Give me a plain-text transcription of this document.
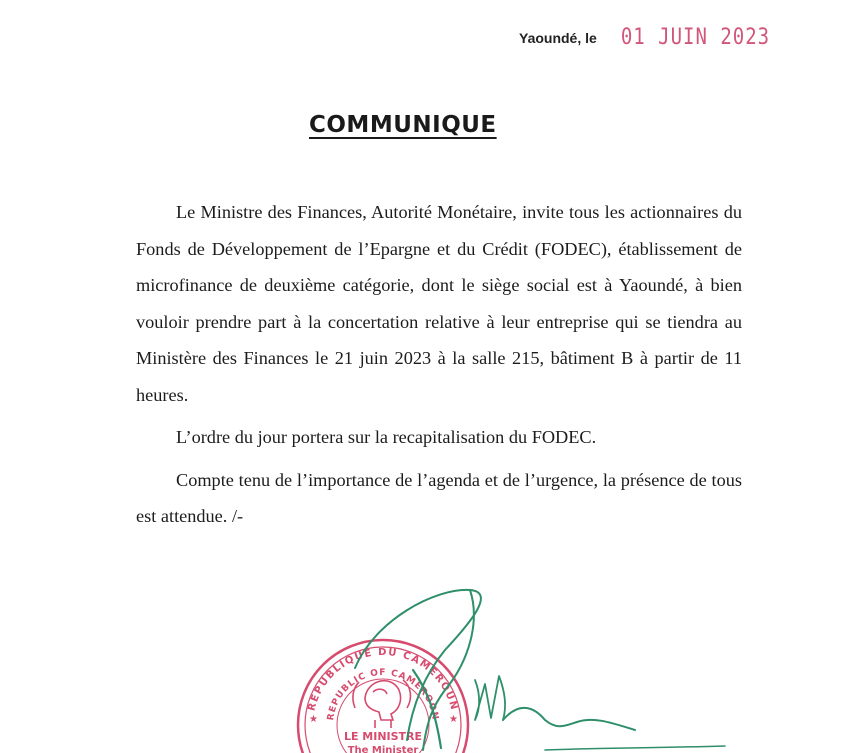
Yaoundé, le 01 JUIN 2023
COMMUNIQUE

Le Ministre des Finances, Autorité Monétaire, invite tous les actionnaires du Fonds de Développement de l’Epargne et du Crédit (FODEC), établissement de microfinance de deuxième catégorie, dont le siège social est à Yaoundé, à bien vouloir prendre part à la concertation relative à leur entreprise qui se tiendra au Ministère des Finances le 21 juin 2023 à la salle 215, bâtiment B à partir de 11 heures.

L’ordre du jour portera sur la recapitalisation du FODEC.

Compte tenu de l’importance de l’agenda et de l’urgence, la présence de tous est attendue. /-

REPUBLIQUE DU CAMEROUN
REPUBLIC OF CAMEROON
LE MINISTRE
The Minister
★	★
